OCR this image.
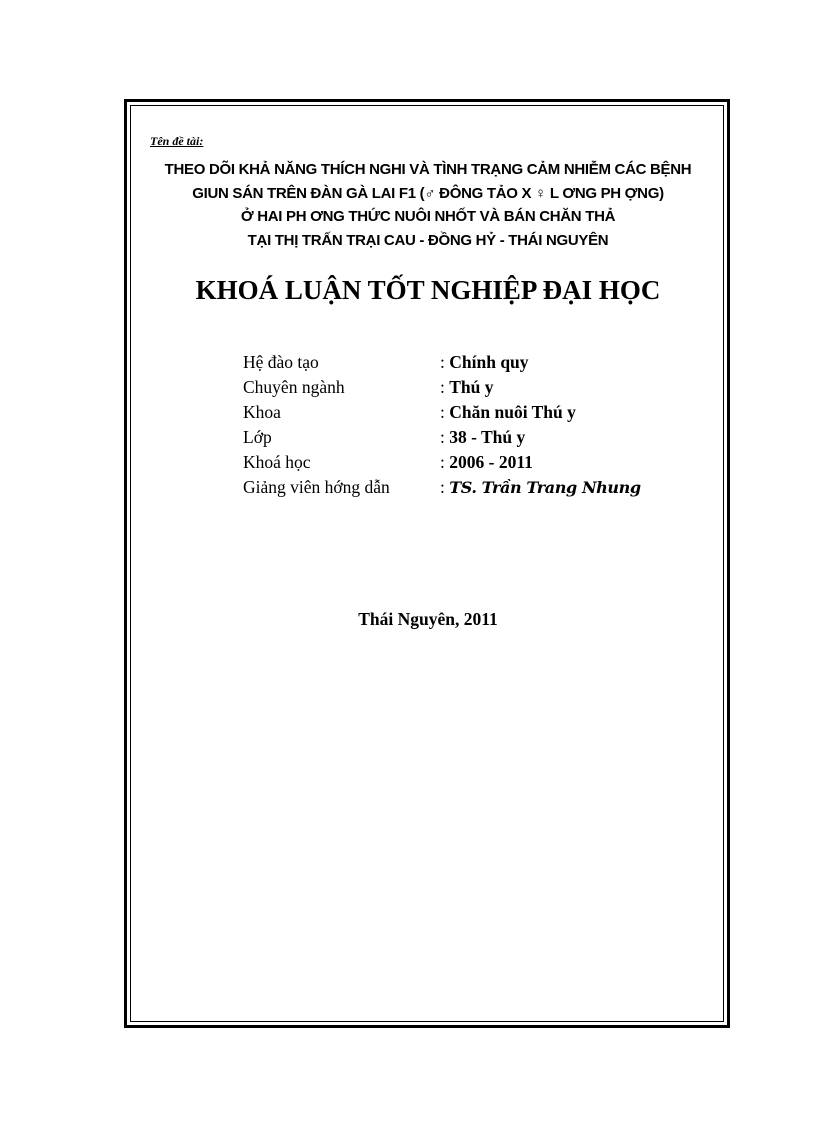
Tên đề tài:
THEO DÕI KHẢ NĂNG THÍCH NGHI VÀ TÌNH TRẠNG CẢM NHIỄM CÁC BỆNH
GIUN SÁN TRÊN ĐÀN GÀ LAI F1 (♂ ĐÔNG TẢO X ♀ L ƠNG PH ỢNG)
Ở HAI PH ƠNG THỨC NUÔI NHỐT VÀ BÁN CHĂN THẢ
TẠI THỊ TRẤN TRẠI CAU - ĐỒNG HỶ - THÁI NGUYÊN
KHOÁ LUẬN TỐT NGHIỆP ĐẠI HỌC
Hệ đào tạo	: Chính quy
Chuyên ngành	: Thú y
Khoa	: Chăn nuôi Thú y
Lớp	: 38 - Thú y
Khoá học	: 2006 - 2011
Giảng viên hớng dẫn	: TS. Trần Trang Nhung
Thái Nguyên, 2011
